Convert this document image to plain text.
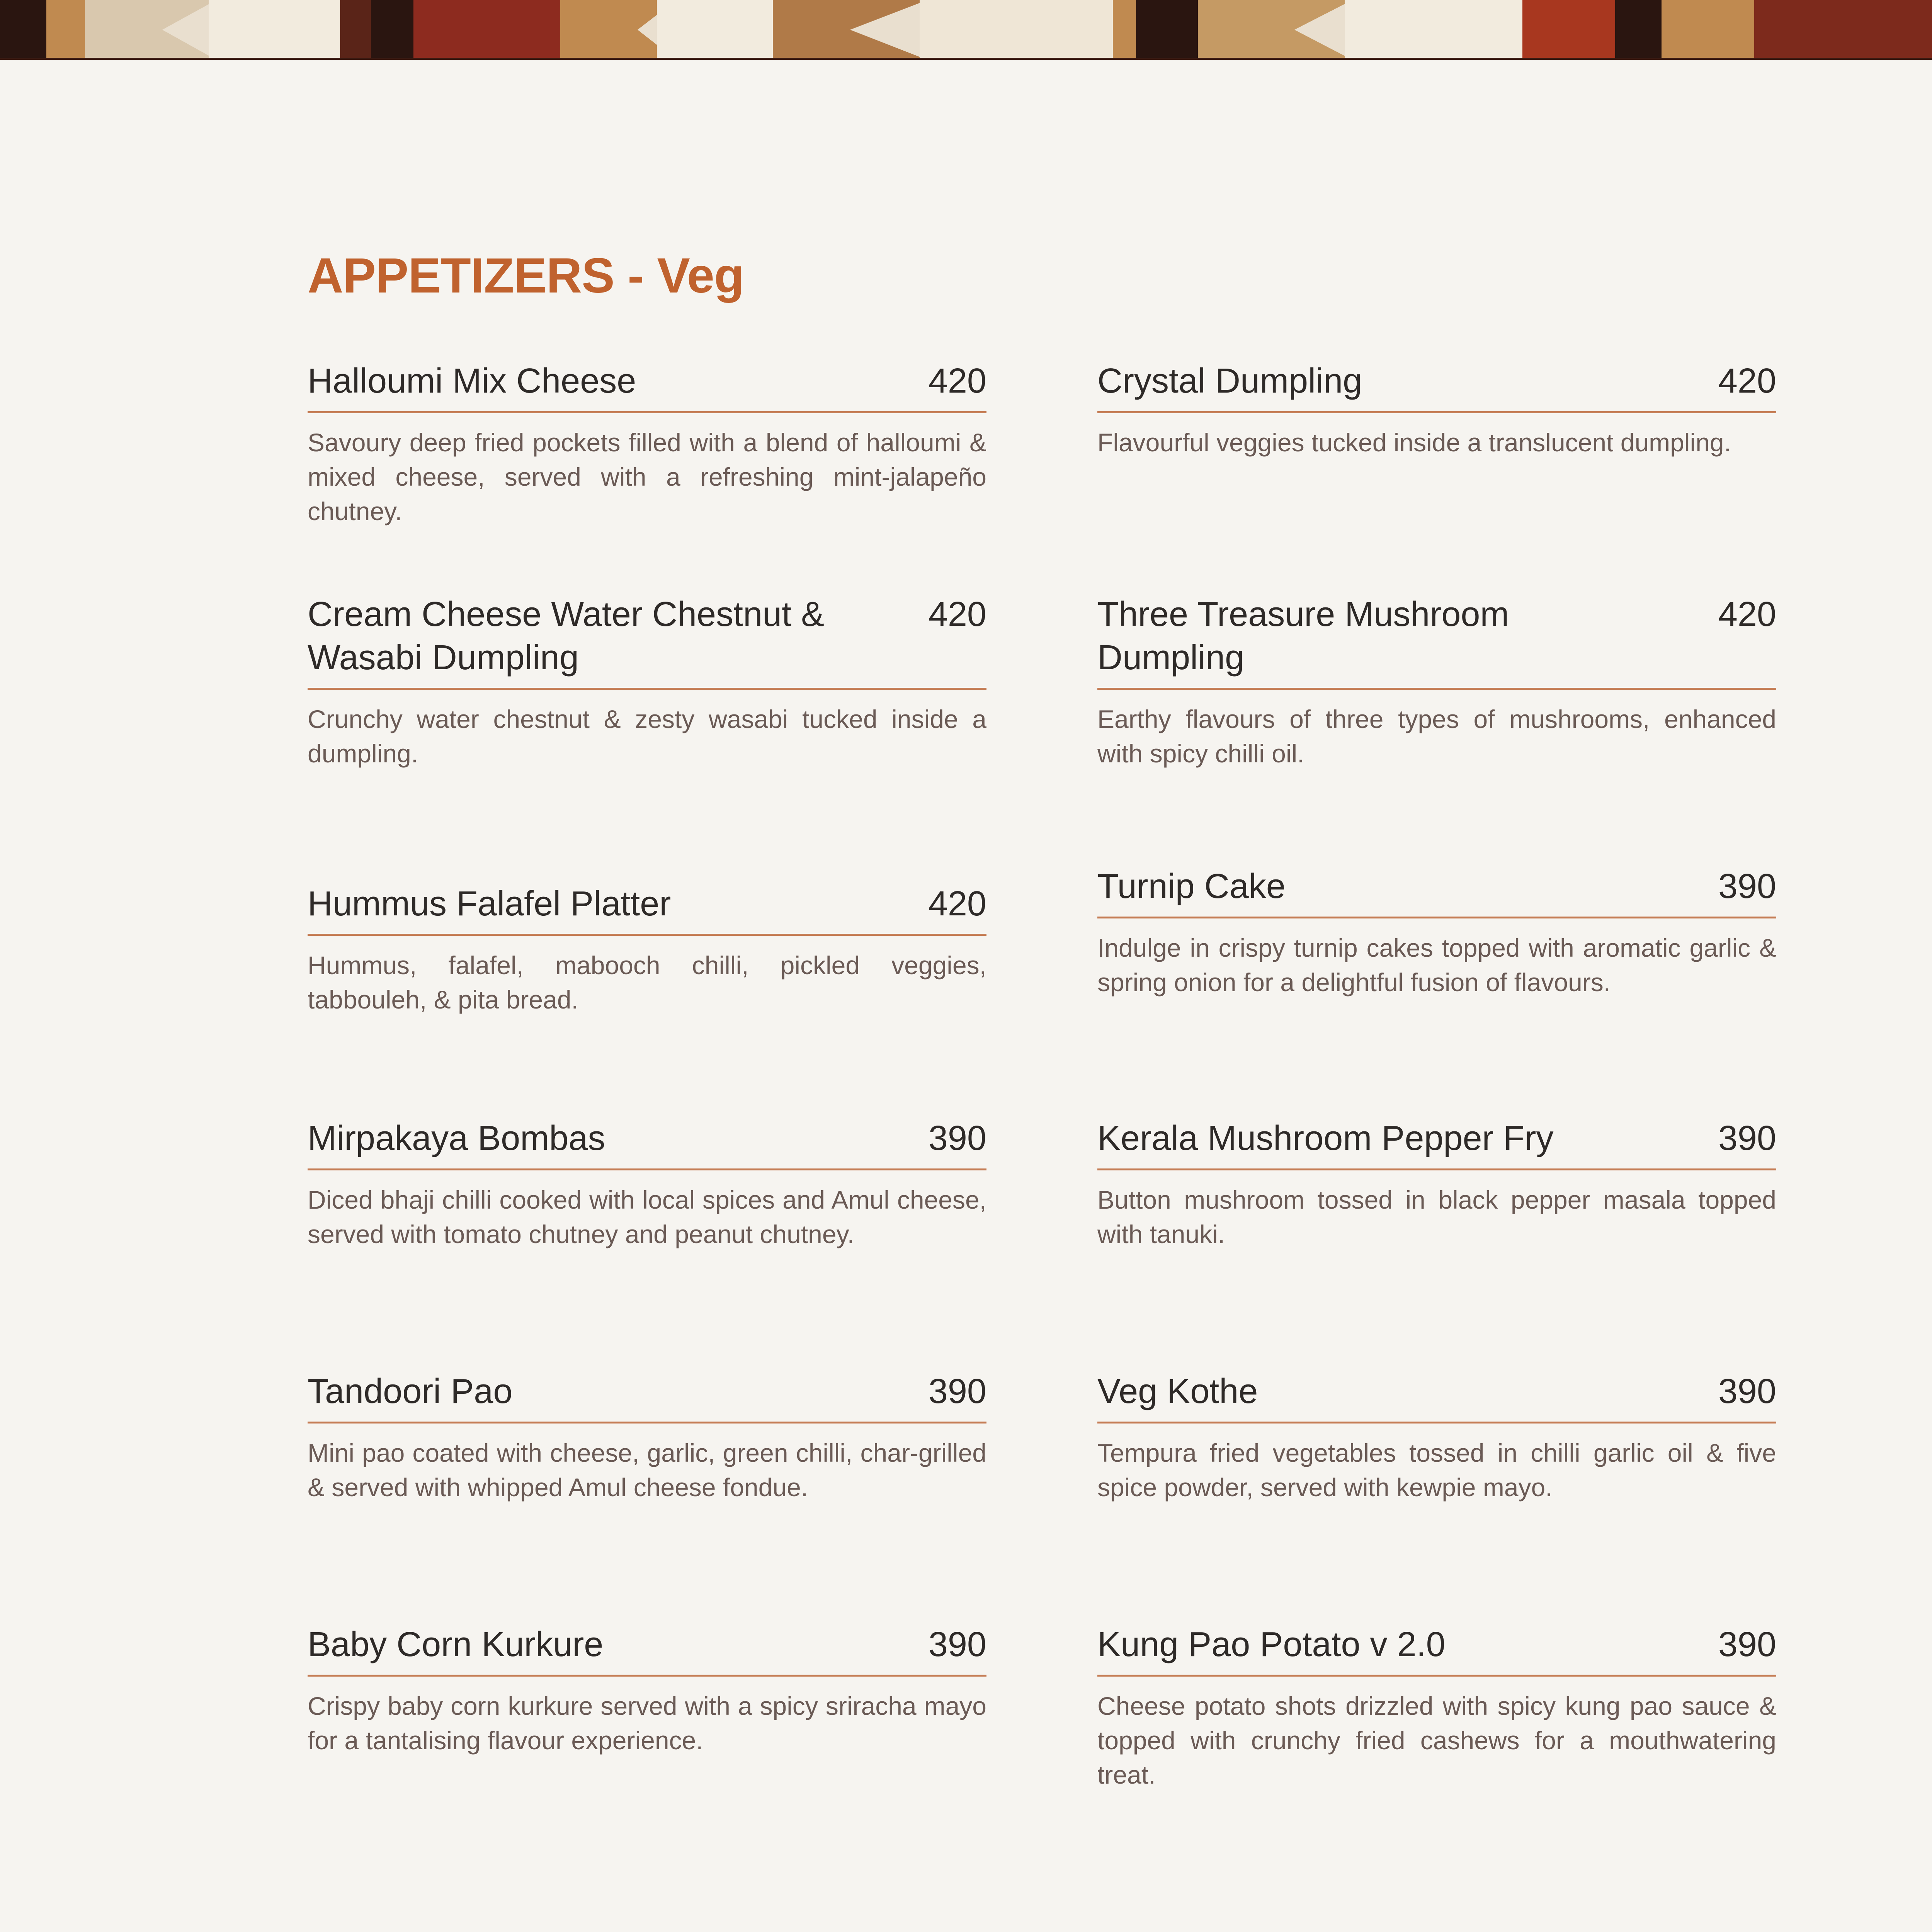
APPETIZERS - Veg
Halloumi Mix Cheese	420
Savoury deep fried pockets filled with a blend of halloumi & mixed cheese, served with a refreshing mint-jalapeño chutney.
Crystal Dumpling	420
Flavourful veggies tucked inside a translucent dumpling.
Cream Cheese Water Chestnut & Wasabi Dumpling
420
Crunchy water chestnut & zesty wasabi tucked inside a dumpling.
Three Treasure Mushroom Dumpling
420
Earthy flavours of three types of mushrooms, enhanced with spicy chilli oil.
Hummus Falafel Platter	420
Hummus, falafel, mabooch chilli, pickled veggies, tabbouleh, & pita bread.
Turnip Cake	390
Indulge in crispy turnip cakes topped with aromatic garlic & spring onion for a delightful fusion of flavours.
Mirpakaya Bombas	390
Diced bhaji chilli cooked with local spices and Amul cheese, served with tomato chutney and peanut chutney.
Kerala Mushroom Pepper Fry	390
Button mushroom tossed in black pepper masala topped with tanuki.
Tandoori Pao	390
Mini pao coated with cheese, garlic, green chilli, char-grilled & served with whipped Amul cheese fondue.
Veg Kothe	390
Tempura fried vegetables tossed in chilli garlic oil & five spice powder, served with kewpie mayo.
Baby Corn Kurkure	390
Crispy baby corn kurkure served with a spicy sriracha mayo for a tantalising flavour experience.
Kung Pao Potato v 2.0	390
Cheese potato shots drizzled with spicy kung pao sauce & topped with crunchy fried cashews for a mouthwatering treat.
